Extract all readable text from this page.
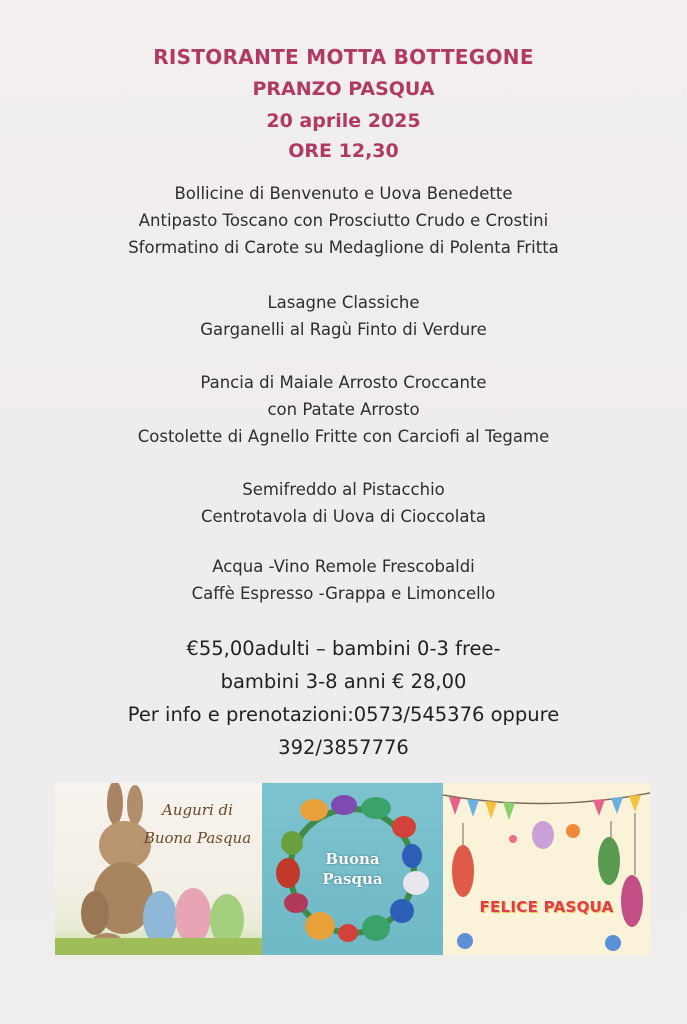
RISTORANTE MOTTA BOTTEGONE
PRANZO PASQUA
20 aprile 2025
ORE 12,30
Bollicine di Benvenuto e Uova Benedette
Antipasto Toscano con Prosciutto Crudo e Crostini
Sformatino di Carote su Medaglione di Polenta Fritta
Lasagne Classiche
Garganelli al Ragù Finto di Verdure
Pancia di Maiale Arrosto Croccante
con Patate Arrosto
Costolette di Agnello Fritte con Carciofi al Tegame
Semifreddo al Pistacchio
Centrotavola di Uova di Cioccolata
Acqua -Vino Remole Frescobaldi
Caffè Espresso -Grappa e Limoncello
€55,00adulti – bambini 0-3 free-
bambini 3-8 anni € 28,00
Per info e prenotazioni:0573/545376 oppure
392/3857776
Auguri di
Buona Pasqua
Buona
Pasqua
FELICE PASQUA
